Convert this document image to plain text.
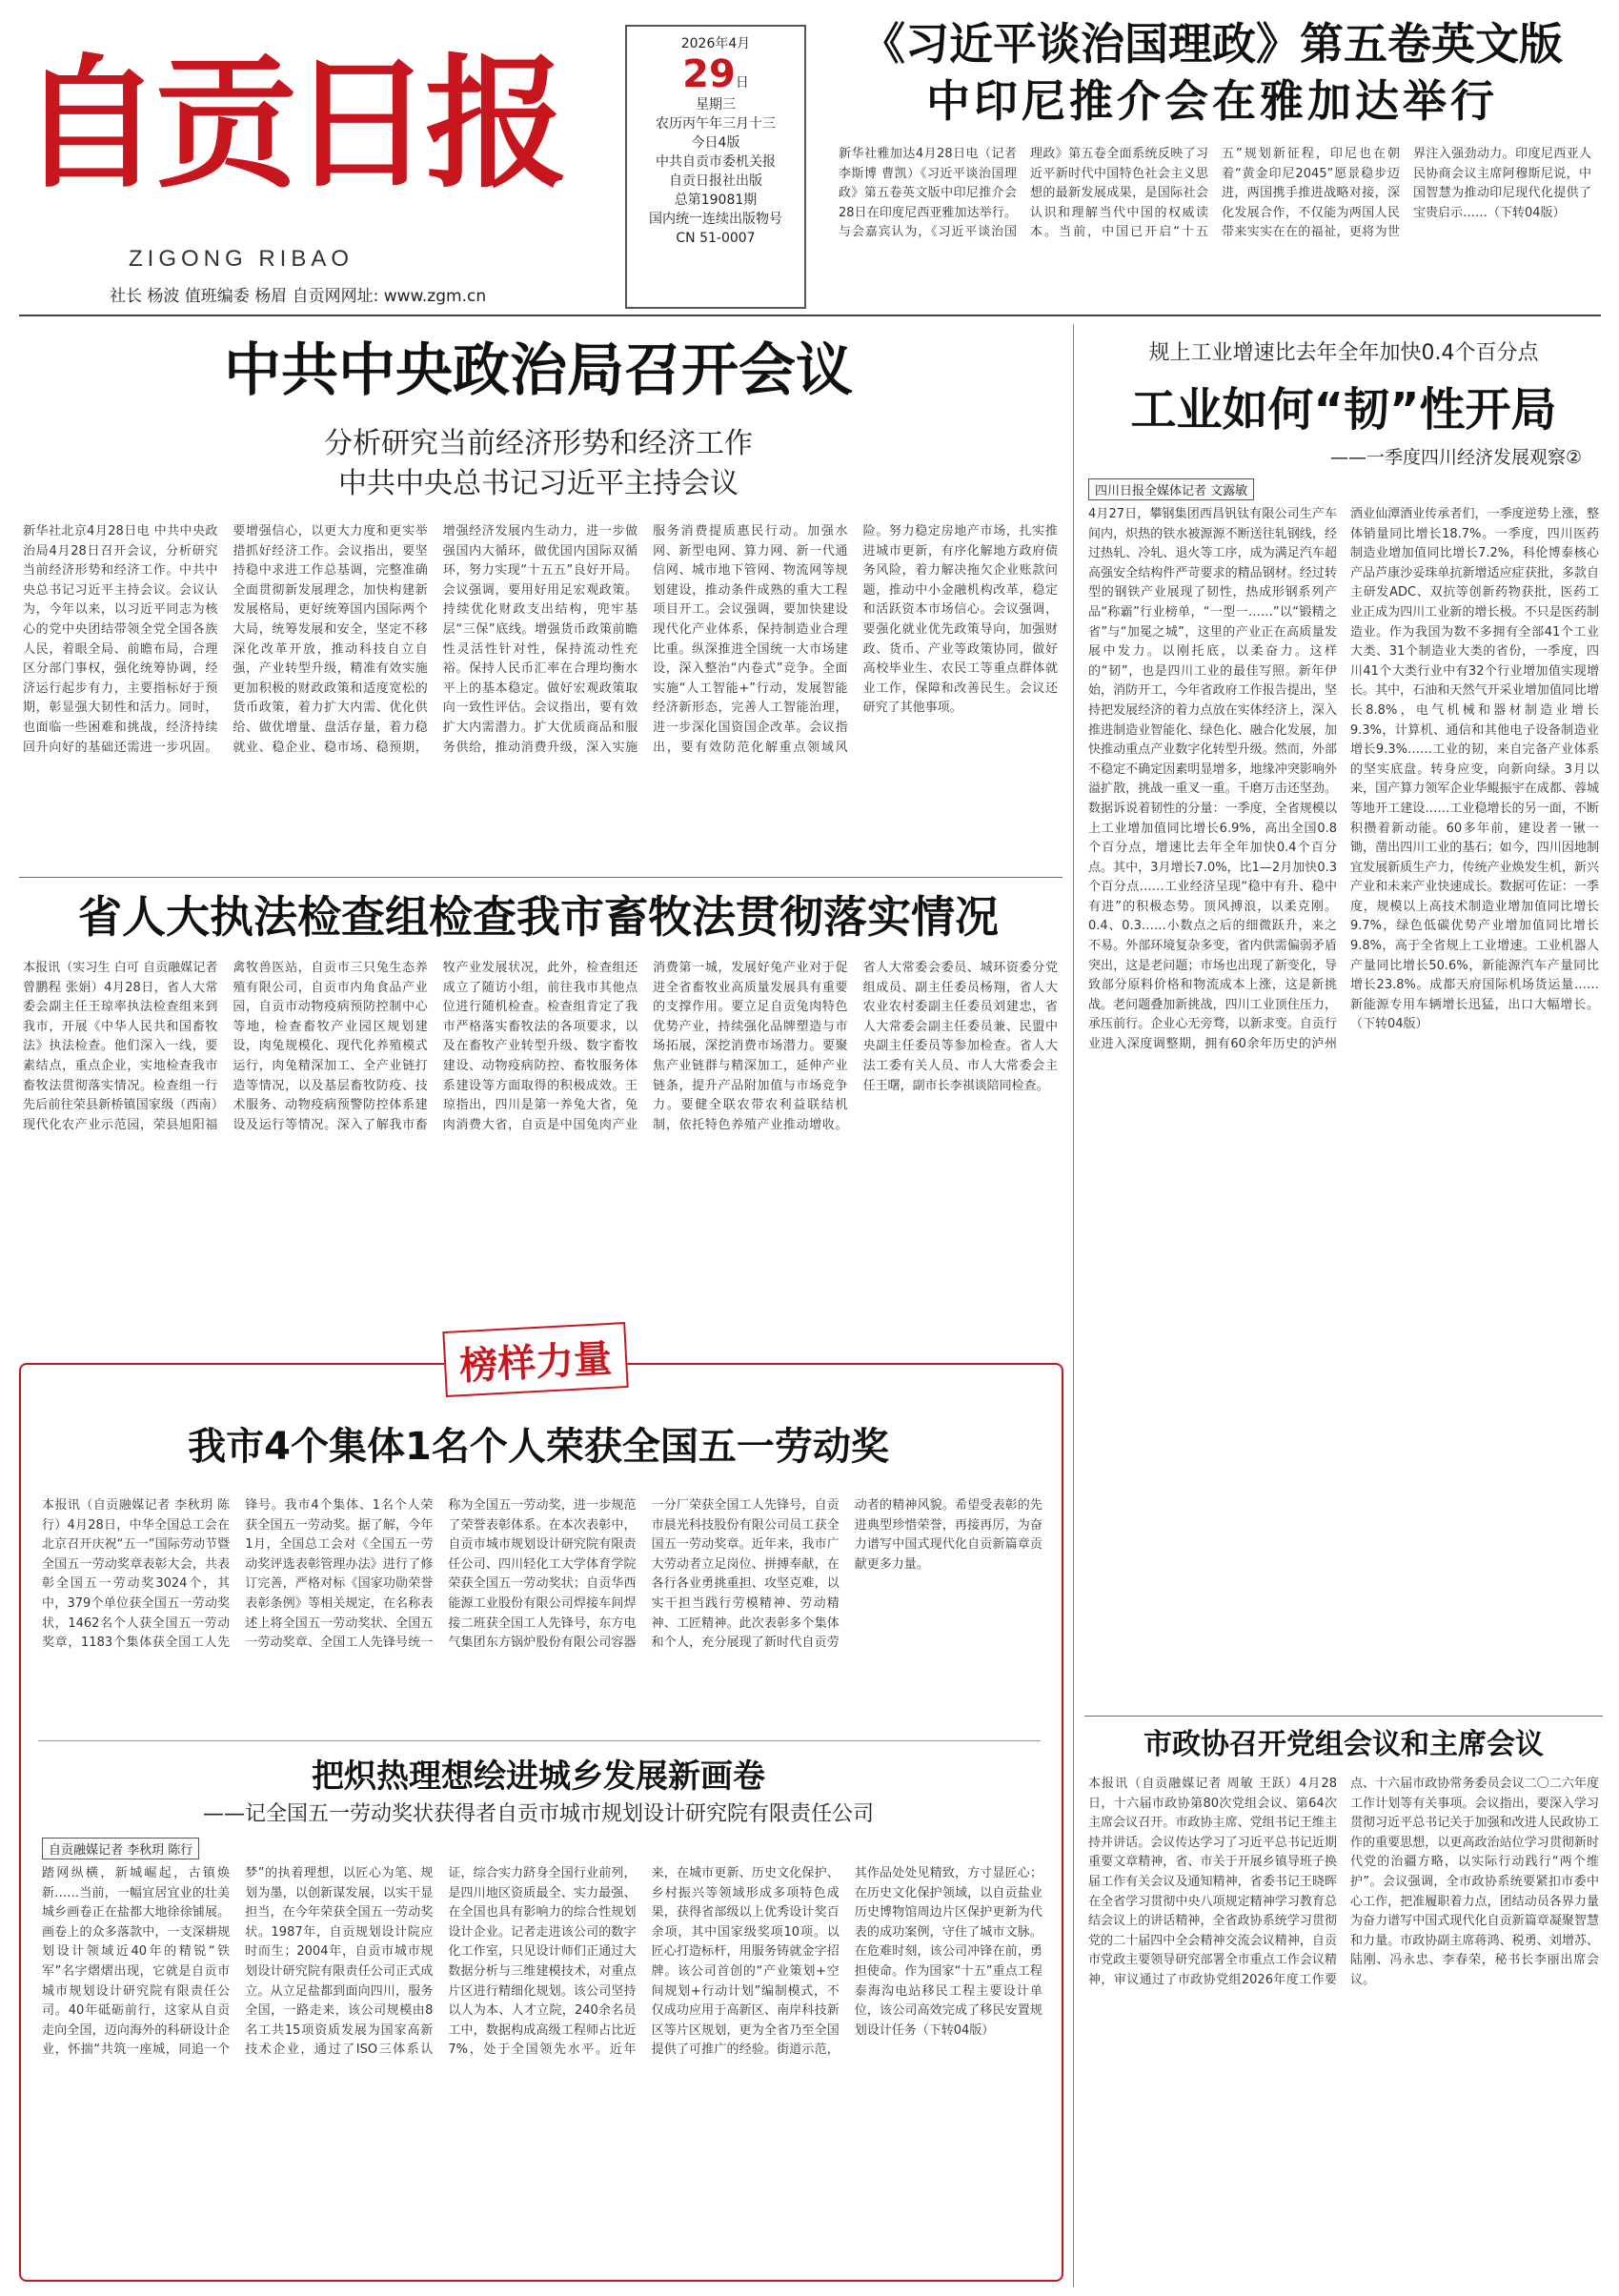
自贡日报
ZIGONG RIBAO
社长 杨波 值班编委 杨眉 自贡网网址: www.zgm.cn
2026年4月
29日
星期三
农历丙午年三月十三
今日4版
中共自贡市委机关报
自贡日报社出版
总第19081期
国内统一连续出版物号
CN 51-0007
《习近平谈治国理政》第五卷英文版
中印尼推介会在雅加达举行
新华社雅加达4月28日电（记者 李斯博 曹凯）《习近平谈治国理政》第五卷英文版中印尼推介会28日在印度尼西亚雅加达举行。与会嘉宾认为，《习近平谈治国理政》第五卷全面系统反映了习近平新时代中国特色社会主义思想的最新发展成果，是国际社会认识和理解当代中国的权威读本。当前，中国已开启“十五五”规划新征程，印尼也在朝着“黄金印尼2045”愿景稳步迈进，两国携手推进战略对接，深化发展合作，不仅能为两国人民带来实实在在的福祉，更将为世界注入强劲动力。印度尼西亚人民协商会议主席阿穆斯尼说，中国智慧为推动印尼现代化提供了宝贵启示……（下转04版）
中共中央政治局召开会议
分析研究当前经济形势和经济工作
中共中央总书记习近平主持会议
新华社北京4月28日电 中共中央政治局4月28日召开会议，分析研究当前经济形势和经济工作。中共中央总书记习近平主持会议。会议认为，今年以来，以习近平同志为核心的党中央团结带领全党全国各族人民，着眼全局、前瞻布局，合理区分部门事权，强化统筹协调，经济运行起步有力，主要指标好于预期，彰显强大韧性和活力。同时，也面临一些困难和挑战，经济持续回升向好的基础还需进一步巩固。要增强信心，以更大力度和更实举措抓好经济工作。会议指出，要坚持稳中求进工作总基调，完整准确全面贯彻新发展理念，加快构建新发展格局，更好统筹国内国际两个大局，统筹发展和安全，坚定不移深化改革开放，推动科技自立自强，产业转型升级，精准有效实施更加积极的财政政策和适度宽松的货币政策，着力扩大内需、优化供给、做优增量、盘活存量，着力稳就业、稳企业、稳市场、稳预期，增强经济发展内生动力，进一步做强国内大循环，做优国内国际双循环，努力实现“十五五”良好开局。会议强调，要用好用足宏观政策。持续优化财政支出结构，兜牢基层“三保”底线。增强货币政策前瞻性灵活性针对性，保持流动性充裕。保持人民币汇率在合理均衡水平上的基本稳定。做好宏观政策取向一致性评估。会议指出，要有效扩大内需潜力。扩大优质商品和服务供给，推动消费升级，深入实施服务消费提质惠民行动。加强水网、新型电网、算力网、新一代通信网、城市地下管网、物流网等规划建设，推动条件成熟的重大工程项目开工。会议强调，要加快建设现代化产业体系，保持制造业合理比重。纵深推进全国统一大市场建设，深入整治“内卷式”竞争。全面实施“人工智能+”行动，发展智能经济新形态，完善人工智能治理，进一步深化国资国企改革。会议指出，要有效防范化解重点领域风险。努力稳定房地产市场，扎实推进城市更新，有序化解地方政府债务风险，着力解决拖欠企业账款问题，推动中小金融机构改革，稳定和活跃资本市场信心。会议强调，要强化就业优先政策导向，加强财政、货币、产业等政策协同，做好高校毕业生、农民工等重点群体就业工作，保障和改善民生。会议还研究了其他事项。
省人大执法检查组检查我市畜牧法贯彻落实情况
本报讯（实习生 白可 自贡融媒记者 曾鹏程 张娟）4月28日，省人大常委会副主任王琼率执法检查组来到我市，开展《中华人民共和国畜牧法》执法检查。他们深入一线，要素结点，重点企业，实地检查我市畜牧法贯彻落实情况。检查组一行先后前往荣县新桥镇国家级（西南）现代化农产业示范园，荣县旭阳福禽牧兽医站，自贡市三只兔生态养殖有限公司，自贡市内角食品产业园，自贡市动物疫病预防控制中心等地，检查畜牧产业园区规划建设，肉兔规模化、现代化养殖模式运行，肉兔精深加工、全产业链打造等情况，以及基层畜牧防疫、技术服务、动物疫病预警防控体系建设及运行等情况。深入了解我市畜牧产业发展状况，此外，检查组还成立了随访小组，前往我市其他点位进行随机检查。检查组肯定了我市严格落实畜牧法的各项要求，以及在畜牧产业转型升级、数字畜牧建设、动物疫病防控、畜牧服务体系建设等方面取得的积极成效。王琼指出，四川是第一养兔大省，兔肉消费大省，自贡是中国兔肉产业消费第一城，发展好兔产业对于促进全省畜牧业高质量发展具有重要的支撑作用。要立足自贡兔肉特色优势产业，持续强化品牌塑造与市场拓展，深挖消费市场潜力。要聚焦产业链群与精深加工，延伸产业链条，提升产品附加值与市场竞争力。要健全联农带农利益联结机制，依托特色养殖产业推动增收。省人大常委会委员、城环资委分党组成员、副主任委员杨翔，省人大农业农村委副主任委员刘建忠，省人大常委会副主任委员兼、民盟中央副主任委员等参加检查。省人大法工委有关人员、市人大常委会主任王曙，副市长李祺谈陪同检查。
榜样力量
我市4个集体1名个人荣获全国五一劳动奖
本报讯（自贡融媒记者 李秋玥 陈行）4月28日，中华全国总工会在北京召开庆祝“五一”国际劳动节暨全国五一劳动奖章表彰大会，共表彰全国五一劳动奖3024个，其中，379个单位获全国五一劳动奖状，1462名个人获全国五一劳动奖章，1183个集体获全国工人先锋号。我市4个集体、1名个人荣获全国五一劳动奖。据了解，今年1月，全国总工会对《全国五一劳动奖评选表彰管理办法》进行了修订完善，严格对标《国家功勋荣誉表彰条例》等相关规定，在名称表述上将全国五一劳动奖状、全国五一劳动奖章、全国工人先锋号统一称为全国五一劳动奖，进一步规范了荣誉表彰体系。在本次表彰中，自贡市城市规划设计研究院有限责任公司、四川轻化工大学体育学院荣获全国五一劳动奖状；自贡华西能源工业股份有限公司焊接车间焊接二班获全国工人先锋号，东方电气集团东方锅炉股份有限公司容器一分厂荣获全国工人先锋号，自贡市晨光科技股份有限公司员工获全国五一劳动奖章。近年来，我市广大劳动者立足岗位、拼搏奉献，在各行各业勇挑重担、攻坚克难，以实干担当践行劳模精神、劳动精神、工匠精神。此次表彰多个集体和个人，充分展现了新时代自贡劳动者的精神风貌。希望受表彰的先进典型珍惜荣誉，再接再厉，为奋力谱写中国式现代化自贡新篇章贡献更多力量。
把炽热理想绘进城乡发展新画卷
——记全国五一劳动奖状获得者自贡市城市规划设计研究院有限责任公司
自贡融媒记者 李秋玥 陈行
踏网纵横，新城崛起，古镇焕新……当前，一幅宜居宜业的壮美城乡画卷正在盐都大地徐徐铺展。画卷上的众多落款中，一支深耕规划设计领域近40年的精锐“铁军”名字熠熠出现，它就是自贡市城市规划设计研究院有限责任公司。40年砥砺前行，这家从自贡走向全国，迈向海外的科研设计企业，怀揣“共筑一座城，同追一个梦”的执着理想，以匠心为笔、规划为墨，以创新谋发展，以实干显担当，在今年荣获全国五一劳动奖状。1987年，自贡规划设计院应时而生；2004年，自贡市城市规划设计研究院有限责任公司正式成立。从立足盐都到面向四川，服务全国，一路走来，该公司规模由8名工共15项资质发展为国家高新技术企业，通过了ISO三体系认证，综合实力跻身全国行业前列，是四川地区资质最全、实力最强、在全国也具有影响力的综合性规划设计企业。记者走进该公司的数字化工作室，只见设计师们正通过大数据分析与三维建模技术，对重点片区进行精细化规划。该公司坚持以人为本、人才立院，240余名员工中，数据构成高级工程师占比近7%，处于全国领先水平。近年来，在城市更新、历史文化保护、乡村振兴等领域形成多项特色成果，获得省部级以上优秀设计奖百余项，其中国家级奖项10项。以匠心打造标杆，用服务铸就金字招牌。该公司首创的“产业策划+空间规划+行动计划”编制模式，不仅成功应用于高新区、南岸科技新区等片区规划，更为全省乃至全国提供了可推广的经验。街道示范，其作品处处见精致，方寸显匠心；在历史文化保护领域，以自贡盐业历史博物馆周边片区保护更新为代表的成功案例，守住了城市文脉。在危难时刻，该公司冲锋在前，勇担使命。作为国家“十五”重点工程泰海沟电站移民工程主要设计单位，该公司高效完成了移民安置规划设计任务（下转04版）
规上工业增速比去年全年加快0.4个百分点
工业如何“韧”性开局
——一季度四川经济发展观察②
四川日报全媒体记者 文露敏
4月27日，攀钢集团西昌钒钛有限公司生产车间内，炽热的铁水被源源不断送往轧钢线，经过热轧、冷轧、退火等工序，成为满足汽车超高强安全结构件严苛要求的精品钢材。经过转型的钢铁产业展现了韧性，热成形钢系列产品“称霸”行业榜单，“一型一……”以“锻精之省”与“加冕之城”，这里的产业正在高质量发展中发力。以刚托底，以柔奋力。这样的“韧”，也是四川工业的最佳写照。新年伊始，消防开工，今年省政府工作报告提出，坚持把发展经济的着力点放在实体经济上，深入推进制造业智能化、绿色化、融合化发展，加快推动重点产业数字化转型升级。然而，外部不稳定不确定因素明显增多，地缘冲突影响外溢扩散，挑战一重叉一重。千磨万击还坚劲。数据诉说着韧性的分量：一季度，全省规模以上工业增加值同比增长6.9%，高出全国0.8个百分点，增速比去年全年加快0.4个百分点。其中，3月增长7.0%，比1—2月加快0.3个百分点……工业经济呈现“稳中有升、稳中有进”的积极态势。顶风搏浪，以柔克刚。0.4、0.3……小数点之后的细微跃升，来之不易。外部环境复杂多变，省内供需偏弱矛盾突出，这是老问题；市场也出现了新变化，导致部分原料价格和物流成本上涨，这是新挑战。老问题叠加新挑战，四川工业顶住压力，承压前行。企业心无旁骛，以新求变。自贡行业进入深度调整期，拥有60余年历史的泸州酒业仙潭酒业传承者们，一季度逆势上涨，整体销量同比增长18.7%。一季度，四川医药制造业增加值同比增长7.2%，科伦博泰核心产品芦康沙妥珠单抗新增适应症获批，多款自主研发ADC、双抗等创新药物获批，医药工业正成为四川工业新的增长极。不只是医药制造业。作为我国为数不多拥有全部41个工业大类、31个制造业大类的省份，一季度，四川41个大类行业中有32个行业增加值实现增长。其中，石油和天然气开采业增加值同比增长8.8%，电气机械和器材制造业增长9.3%，计算机、通信和其他电子设备制造业增长9.3%……工业的韧，来自完备产业体系的坚实底盘。转身应变，向新向绿。3月以来，国产算力领军企业华鲲振宇在成都、蓉城等地开工建设……工业稳增长的另一面，不断积攒着新动能。60多年前，建设者一锹一锄，凿出四川工业的基石；如今，四川因地制宜发展新质生产力，传统产业焕发生机，新兴产业和未来产业快速成长。数据可佐证：一季度，规模以上高技术制造业增加值同比增长9.7%，绿色低碳优势产业增加值同比增长9.8%，高于全省规上工业增速。工业机器人产量同比增长50.6%，新能源汽车产量同比增长23.8%。成都天府国际机场货运量……新能源专用车辆增长迅猛，出口大幅增长。（下转04版）
市政协召开党组会议和主席会议
本报讯（自贡融媒记者 周敏 王跃）4月28日，十六届市政协第80次党组会议、第64次主席会议召开。市政协主席、党组书记王维主持并讲话。会议传达学习了习近平总书记近期重要文章精神，省、市关于开展乡镇导班子换届工作有关会议及通知精神，省委书记王晓晖在全省学习贯彻中央八项规定精神学习教育总结会议上的讲话精神，全省政协系统学习贯彻党的二十届四中全会精神交流会议精神，自贡市党政主要领导研究部署全市重点工作会议精神，审议通过了市政协党组2026年度工作要点、十六届市政协常务委员会议二〇二六年度工作计划等有关事项。会议指出，要深入学习贯彻习近平总书记关于加强和改进人民政协工作的重要思想，以更高政治站位学习贯彻新时代党的治疆方略，以实际行动践行“两个维护”。会议强调，全市政协系统要紧扣市委中心工作，把准履职着力点，团结动员各界力量为奋力谱写中国式现代化自贡新篇章凝聚智慧和力量。市政协副主席蒋鸿、税勇、刘增苏、陆刚、冯永忠、李春荣，秘书长李丽出席会议。
